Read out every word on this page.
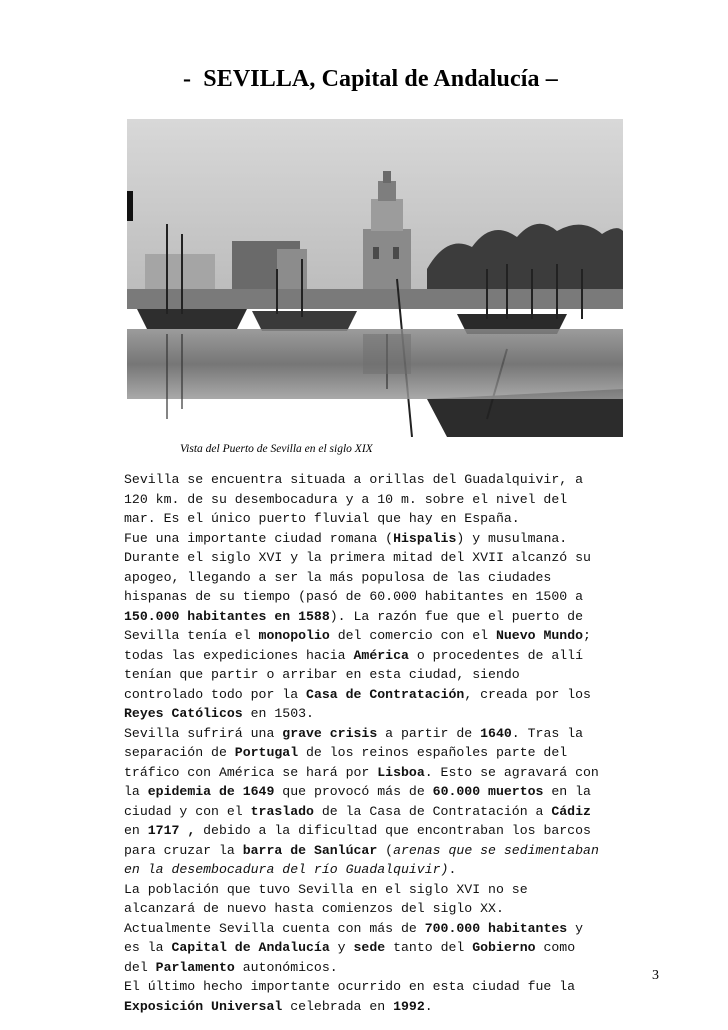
-  SEVILLA, Capital de Andalucía –
Vista del Puerto de Sevilla en el siglo XIX
Sevilla se encuentra situada a orillas del Guadalquivir, a
120 km. de su desembocadura y a 10 m. sobre el nivel del
mar. Es el único puerto fluvial que hay en España.
Fue una importante ciudad romana (Hispalis) y musulmana.
Durante el siglo XVI y la primera mitad del XVII alcanzó su
apogeo, llegando a ser la más populosa de las ciudades
hispanas de su tiempo (pasó de 60.000 habitantes en 1500 a
150.000 habitantes en 1588). La razón fue que el puerto de
Sevilla tenía el monopolio del comercio con el Nuevo Mundo;
todas las expediciones hacia América o procedentes de allí
tenían que partir o arribar en esta ciudad, siendo
controlado todo por la Casa de Contratación, creada por los
Reyes Católicos en 1503.
Sevilla sufrirá una grave crisis a partir de 1640. Tras la
separación de Portugal de los reinos españoles parte del
tráfico con América se hará por Lisboa. Esto se agravará con
la epidemia de 1649 que provocó más de 60.000 muertos en la
ciudad y con el traslado de la Casa de Contratación a Cádiz
en 1717 , debido a la dificultad que encontraban los barcos
para cruzar la barra de Sanlúcar (arenas que se sedimentaban
en la desembocadura del río Guadalquivir).
La población que tuvo Sevilla en el siglo XVI no se
alcanzará de nuevo hasta comienzos del siglo XX.
Actualmente Sevilla cuenta con más de 700.000 habitantes y
es la Capital de Andalucía y sede tanto del Gobierno como
del Parlamento autonómicos.
El último hecho importante ocurrido en esta ciudad fue la
Exposición Universal celebrada en 1992.
3
